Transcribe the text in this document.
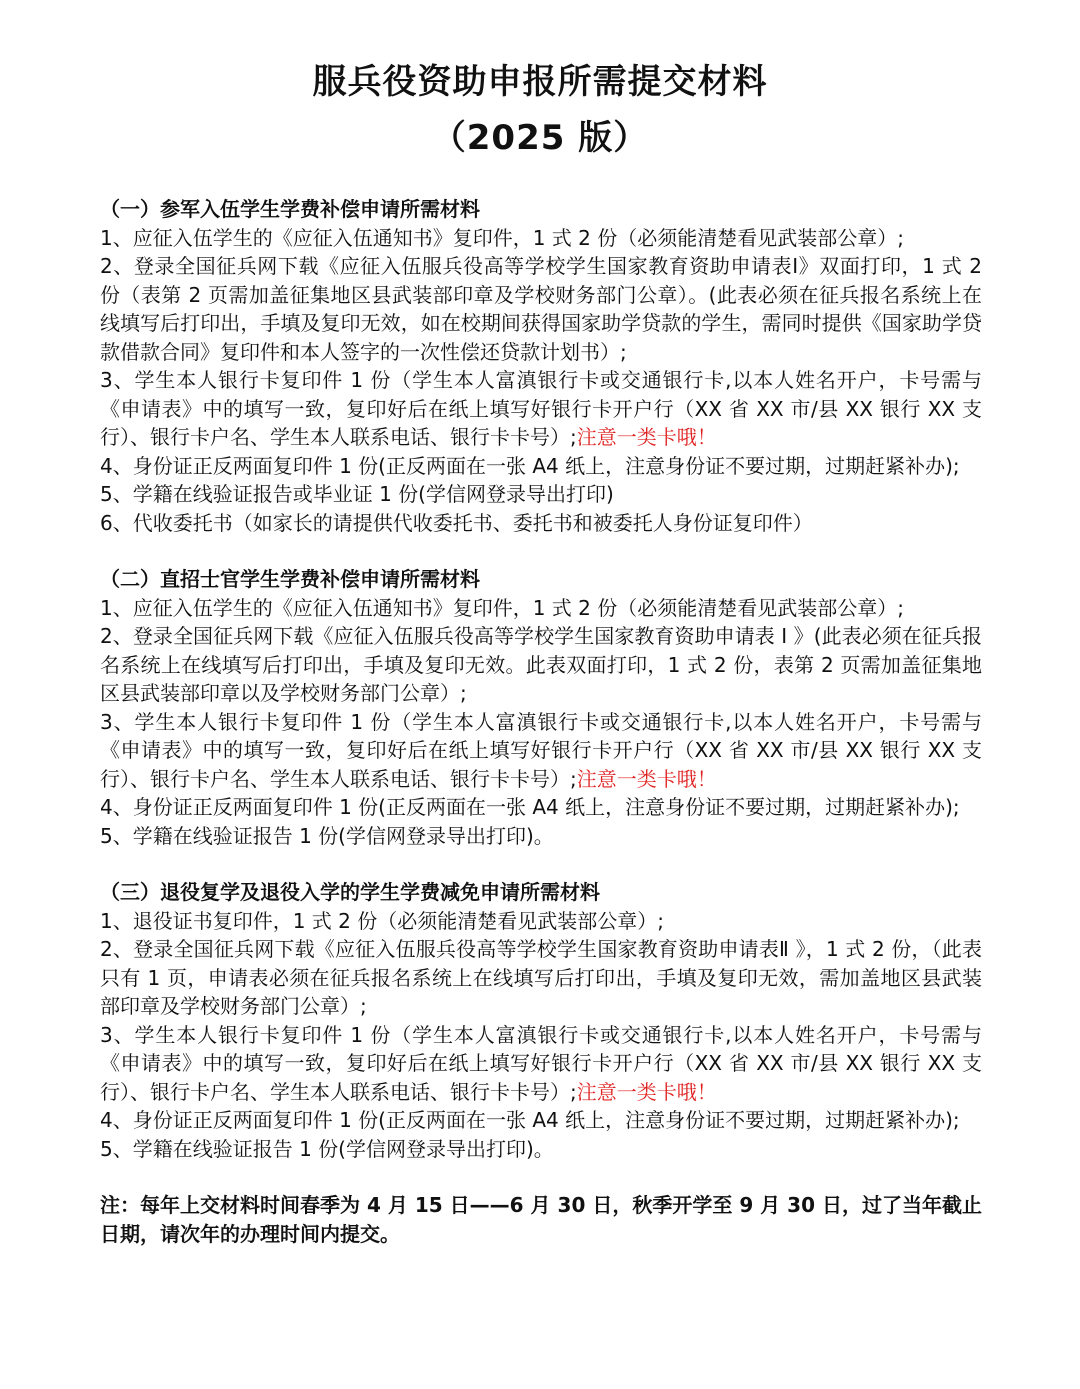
服兵役资助申报所需提交材料
（2025 版）

（一）参军入伍学生学费补偿申请所需材料

1、应征入伍学生的《应征入伍通知书》复印件，1 式 2 份（必须能清楚看见武装部公章）;

2、登录全国征兵网下载《应征入伍服兵役高等学校学生国家教育资助申请表Ⅰ》双面打印，1 式 2 份（表第 2 页需加盖征集地区县武装部印章及学校财务部门公章）。(此表必须在征兵报名系统上在线填写后打印出，手填及复印无效，如在校期间获得国家助学贷款的学生，需同时提供《国家助学贷款借款合同》复印件和本人签字的一次性偿还贷款计划书）;

3、学生本人银行卡复印件 1 份（学生本人富滇银行卡或交通银行卡,以本人姓名开户，卡号需与《申请表》中的填写一致，复印好后在纸上填写好银行卡开户行（XX 省 XX 市/县 XX 银行 XX 支行）、银行卡户名、学生本人联系电话、银行卡卡号）;注意一类卡哦！

4、身份证正反两面复印件 1 份(正反两面在一张 A4 纸上，注意身份证不要过期，过期赶紧补办);

5、学籍在线验证报告或毕业证 1 份(学信网登录导出打印)

6、代收委托书（如家长的请提供代收委托书、委托书和被委托人身份证复印件）

（二）直招士官学生学费补偿申请所需材料

1、应征入伍学生的《应征入伍通知书》复印件，1 式 2 份（必须能清楚看见武装部公章）;

2、登录全国征兵网下载《应征入伍服兵役高等学校学生国家教育资助申请表 Ⅰ 》(此表必须在征兵报名系统上在线填写后打印出，手填及复印无效。此表双面打印，1 式 2 份，表第 2 页需加盖征集地区县武装部印章以及学校财务部门公章）;

3、学生本人银行卡复印件 1 份（学生本人富滇银行卡或交通银行卡,以本人姓名开户，卡号需与《申请表》中的填写一致，复印好后在纸上填写好银行卡开户行（XX 省 XX 市/县 XX 银行 XX 支行）、银行卡户名、学生本人联系电话、银行卡卡号）;注意一类卡哦！

4、身份证正反两面复印件 1 份(正反两面在一张 A4 纸上，注意身份证不要过期，过期赶紧补办);

5、学籍在线验证报告 1 份(学信网登录导出打印)。

（三）退役复学及退役入学的学生学费减免申请所需材料

1、退役证书复印件，1 式 2 份（必须能清楚看见武装部公章）;

2、登录全国征兵网下载《应征入伍服兵役高等学校学生国家教育资助申请表Ⅱ 》，1 式 2 份，（此表只有 1 页，申请表必须在征兵报名系统上在线填写后打印出，手填及复印无效，需加盖地区县武装部印章及学校财务部门公章）;

3、学生本人银行卡复印件 1 份（学生本人富滇银行卡或交通银行卡,以本人姓名开户，卡号需与《申请表》中的填写一致，复印好后在纸上填写好银行卡开户行（XX 省 XX 市/县 XX 银行 XX 支行）、银行卡户名、学生本人联系电话、银行卡卡号）;注意一类卡哦！

4、身份证正反两面复印件 1 份(正反两面在一张 A4 纸上，注意身份证不要过期，过期赶紧补办);

5、学籍在线验证报告 1 份(学信网登录导出打印)。

注：每年上交材料时间春季为 4 月 15 日——6 月 30 日，秋季开学至 9 月 30 日，过了当年截止日期，请次年的办理时间内提交。
